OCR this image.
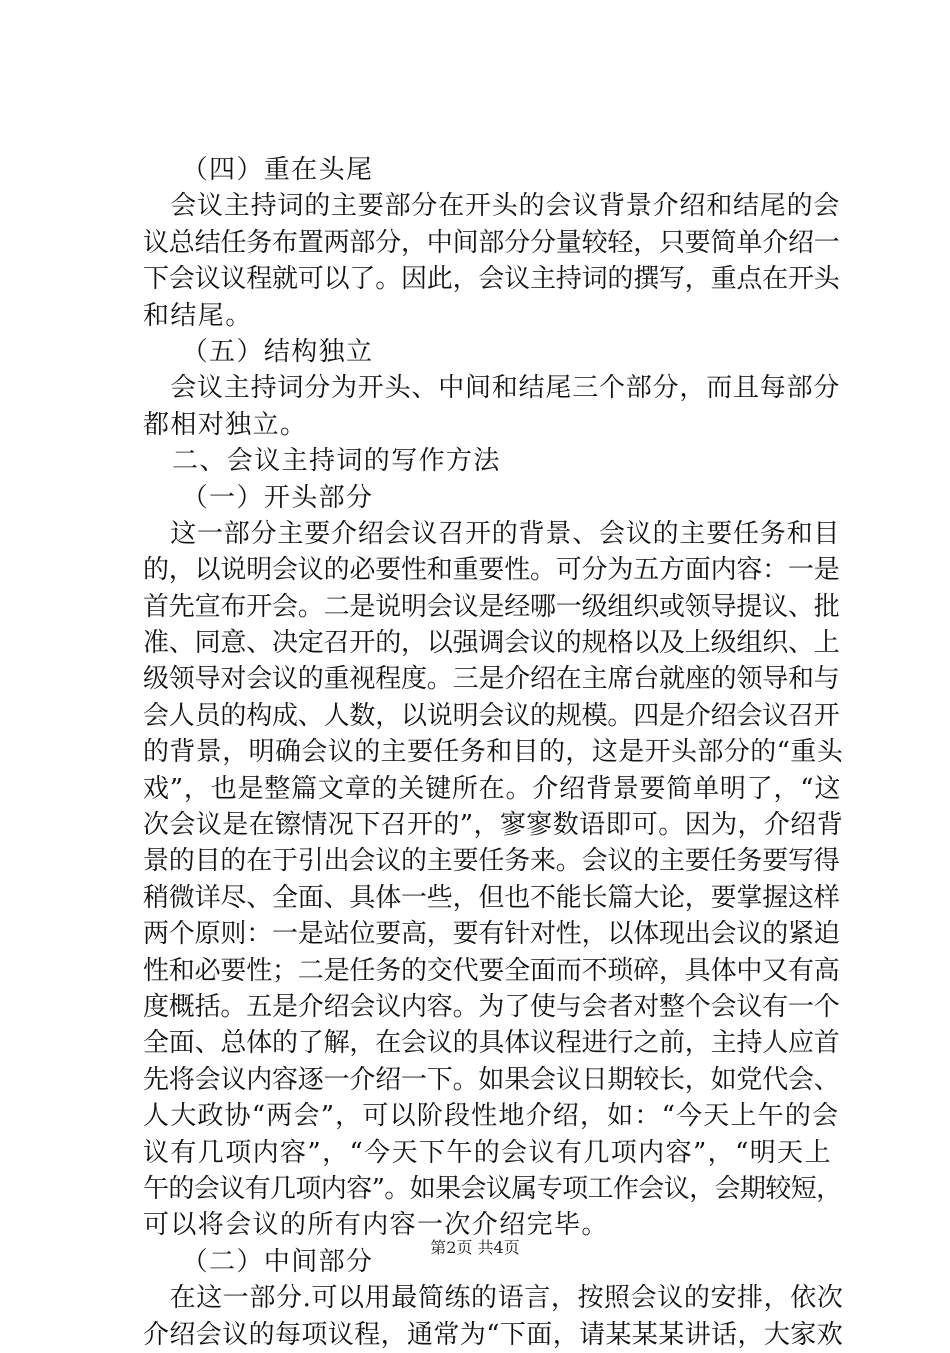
（四）重在头尾
会议主持词的主要部分在开头的会议背景介绍和结尾的会
议总结任务布置两部分，中间部分分量较轻，只要简单介绍一
下会议议程就可以了。因此，会议主持词的撰写，重点在开头
和结尾。
（五）结构独立
会议主持词分为开头、中间和结尾三个部分，而且每部分
都相对独立。
二、会议主持词的写作方法
（一）开头部分
这一部分主要介绍会议召开的背景、会议的主要任务和目
的，以说明会议的必要性和重要性。可分为五方面内容：一是
首先宣布开会。二是说明会议是经哪一级组织或领导提议、批
准、同意、决定召开的，以强调会议的规格以及上级组织、上
级领导对会议的重视程度。三是介绍在主席台就座的领导和与
会人员的构成、人数，以说明会议的规模。四是介绍会议召开
的背景，明确会议的主要任务和目的，这是开头部分的“重头
戏”，也是整篇文章的关键所在。介绍背景要简单明了，“这
次会议是在镲情况下召开的”，寥寥数语即可。因为，介绍背
景的目的在于引出会议的主要任务来。会议的主要任务要写得
稍微详尽、全面、具体一些，但也不能长篇大论，要掌握这样
两个原则：一是站位要高，要有针对性，以体现出会议的紧迫
性和必要性；二是任务的交代要全面而不琐碎，具体中又有高
度概括。五是介绍会议内容。为了使与会者对整个会议有一个
全面、总体的了解，在会议的具体议程进行之前，主持人应首
先将会议内容逐一介绍一下。如果会议日期较长，如党代会、
人大政协“两会”，可以阶段性地介绍，如：“今天上午的会
议有几项内容”，“今天下午的会议有几项内容”，“明天上
午的会议有几项内容”。如果会议属专项工作会议，会期较短，
可以将会议的所有内容一次介绍完毕。
（二）中间部分
在这一部分.可以用最简练的语言，按照会议的安排，依次
介绍会议的每项议程，通常为“下面，请某某某讲话，大家欢
第2页 共4页
